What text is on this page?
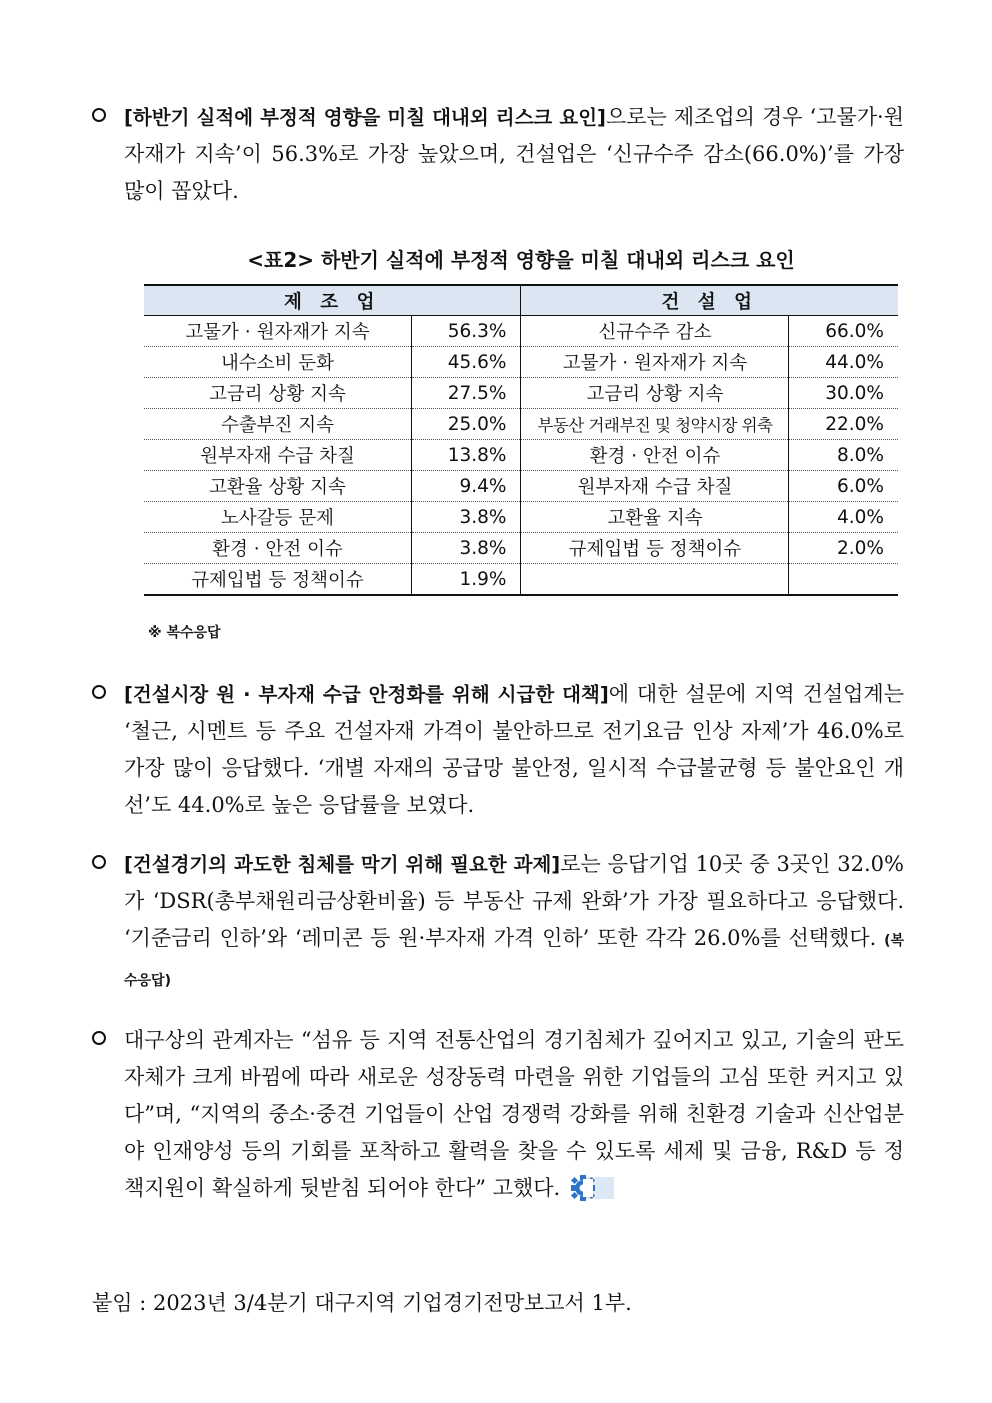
[하반기 실적에 부정적 영향을 미칠 대내외 리스크 요인]으로는 제조업의 경우 ‘고물가·원자재가 지속’이 56.3%로 가장 높았으며, 건설업은 ‘신규수주 감소(66.0%)’를 가장 많이 꼽았다.
<표2> 하반기 실적에 부정적 영향을 미칠 대내외 리스크 요인
제 조 업		건 설 업	
고물가 · 원자재가 지속	56.3%	신규수주 감소	66.0%
내수소비 둔화	45.6%	고물가 · 원자재가 지속	44.0%
고금리 상황 지속	27.5%	고금리 상황 지속	30.0%
수출부진 지속	25.0%	부동산 거래부진 및 청약시장 위축	22.0%
원부자재 수급 차질	13.8%	환경 · 안전 이슈	8.0%
고환율 상황 지속	9.4%	원부자재 수급 차질	6.0%
노사갈등 문제	3.8%	고환율 지속	4.0%
환경 · 안전 이슈	3.8%	규제입법 등 정책이슈	2.0%
규제입법 등 정책이슈	1.9%		
※ 복수응답
[건설시장 원 · 부자재 수급 안정화를 위해 시급한 대책]에 대한 설문에 지역 건설업계는 ‘철근, 시멘트 등 주요 건설자재 가격이 불안하므로 전기요금 인상 자제’가 46.0%로 가장 많이 응답했다. ‘개별 자재의 공급망 불안정, 일시적 수급불균형 등 불안요인 개선’도 44.0%로 높은 응답률을 보였다.
[건설경기의 과도한 침체를 막기 위해 필요한 과제]로는 응답기업 10곳 중 3곳인 32.0%가 ‘DSR(총부채원리금상환비율) 등 부동산 규제 완화’가 가장 필요하다고 응답했다. ‘기준금리 인하’와 ‘레미콘 등 원·부자재 가격 인하’ 또한 각각 26.0%를 선택했다. (복수응답)
대구상의 관계자는 “섬유 등 지역 전통산업의 경기침체가 깊어지고 있고, 기술의 판도 자체가 크게 바뀜에 따라 새로운 성장동력 마련을 위한 기업들의 고심 또한 커지고 있다”며, “지역의 중소·중견 기업들이 산업 경쟁력 강화를 위해 친환경 기술과 신산업분야 인재양성 등의 기회를 포착하고 활력을 찾을 수 있도록 세제 및 금융, R&D 등 정책지원이 확실하게 뒷받침 되어야 한다” 고했다.
붙임 : 2023년 3/4분기 대구지역 기업경기전망보고서 1부.
